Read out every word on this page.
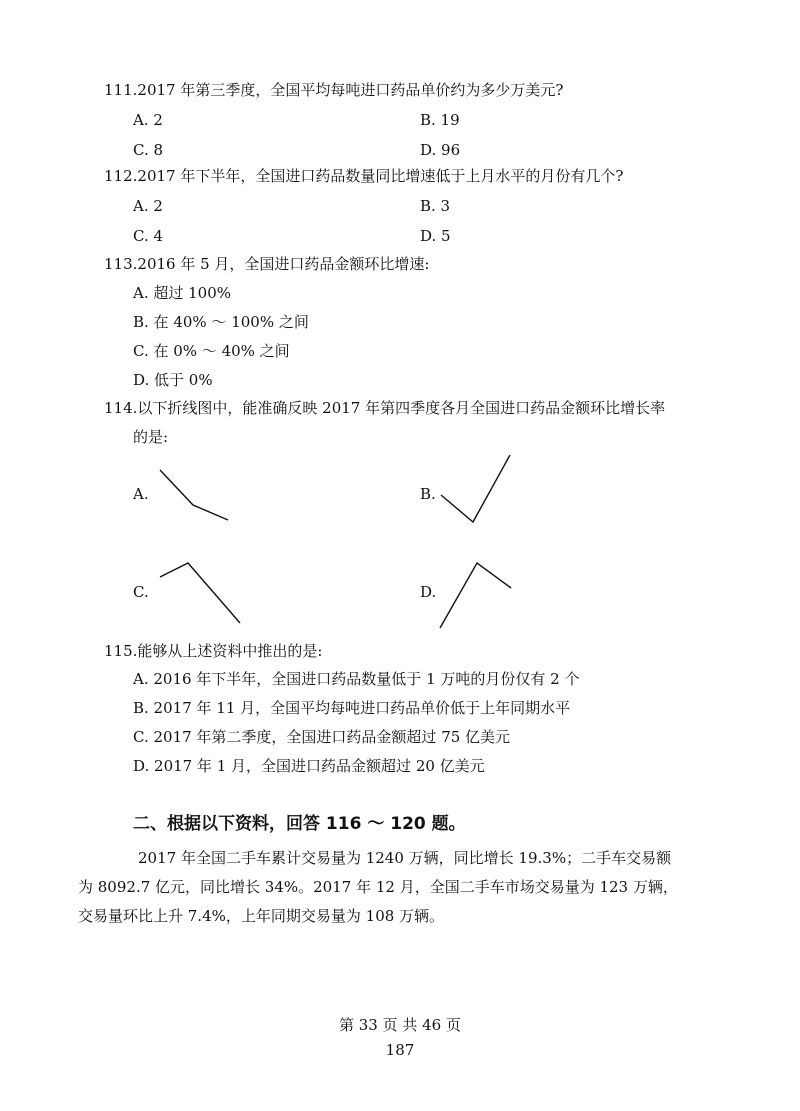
111.2017 年第三季度，全国平均每吨进口药品单价约为多少万美元?
A. 2	B. 19
C. 8	D. 96
112.2017 年下半年，全国进口药品数量同比增速低于上月水平的月份有几个?
A. 2	B. 3
C. 4	D. 5
113.2016 年 5 月，全国进口药品金额环比增速:
A. 超过 100%
B. 在 40% ～ 100% 之间
C. 在 0% ～ 40% 之间
D. 低于 0%
114.以下折线图中，能准确反映 2017 年第四季度各月全国进口药品金额环比增长率
的是:
A.	B.
C.	D.
115.能够从上述资料中推出的是:
A. 2016 年下半年，全国进口药品数量低于 1 万吨的月份仅有 2 个
B. 2017 年 11 月，全国平均每吨进口药品单价低于上年同期水平
C. 2017 年第二季度，全国进口药品金额超过 75 亿美元
D. 2017 年 1 月，全国进口药品金额超过 20 亿美元
二、根据以下资料，回答 116 ～ 120 题。
2017 年全国二手车累计交易量为 1240 万辆，同比增长 19.3%；二手车交易额
为 8092.7 亿元，同比增长 34%。2017 年 12 月，全国二手车市场交易量为 123 万辆，
交易量环比上升 7.4%，上年同期交易量为 108 万辆。
第 33 页 共 46 页
187
